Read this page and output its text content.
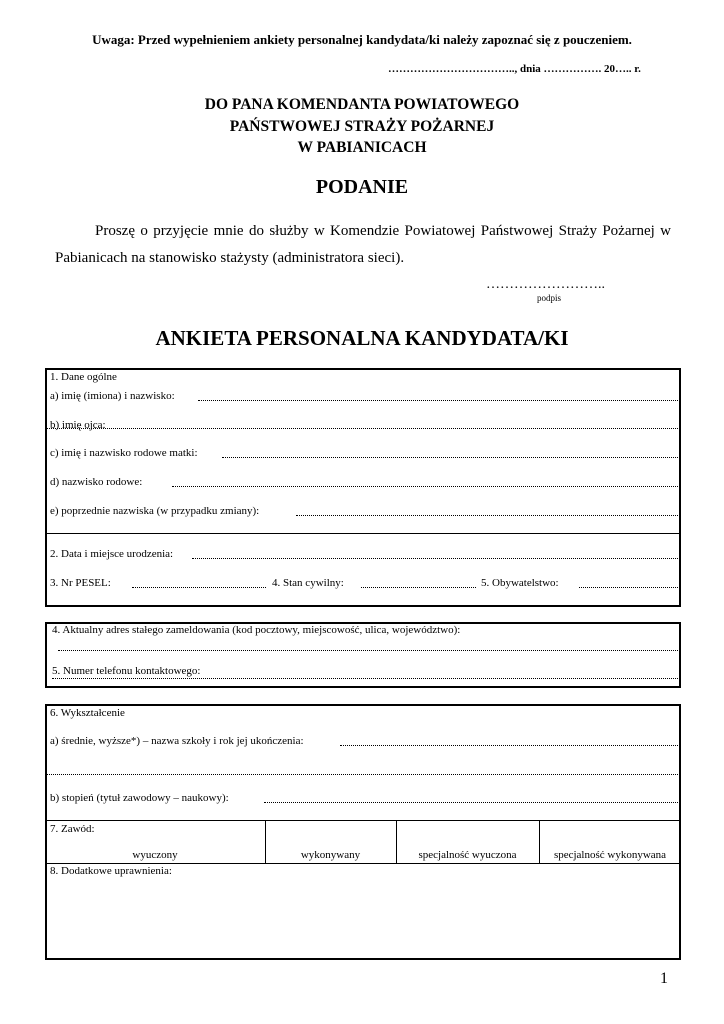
Uwaga: Przed wypełnieniem ankiety personalnej kandydata/ki należy zapoznać się z pouczeniem.
…………………………….., dnia ……………. 20….. r.
DO PANA KOMENDANTA POWIATOWEGO
PAŃSTWOWEJ STRAŻY POŻARNEJ
W PABIANICACH
PODANIE
Proszę o przyjęcie mnie do służby w Komendzie Powiatowej Państwowej Straży Pożarnej w Pabianicach na stanowisko stażysty (administratora sieci).
……………………..
podpis
ANKIETA PERSONALNA KANDYDATA/KI
1. Dane ogólne
a) imię (imiona) i nazwisko:
b) imię ojca:
c) imię i nazwisko rodowe matki:
d) nazwisko rodowe:
e) poprzednie nazwiska (w przypadku zmiany):
2. Data i miejsce urodzenia:
3. Nr PESEL:	4. Stan cywilny:	5. Obywatelstwo:
4. Aktualny adres stałego zameldowania (kod pocztowy, miejscowość, ulica, województwo):
5. Numer telefonu kontaktowego:
6. Wykształcenie
a) średnie, wyższe*) – nazwa szkoły i rok jej ukończenia:
b) stopień (tytuł zawodowy – naukowy):
7. Zawód:
wyuczony	wykonywany	specjalność wyuczona	specjalność wykonywana
8. Dodatkowe uprawnienia:
1
